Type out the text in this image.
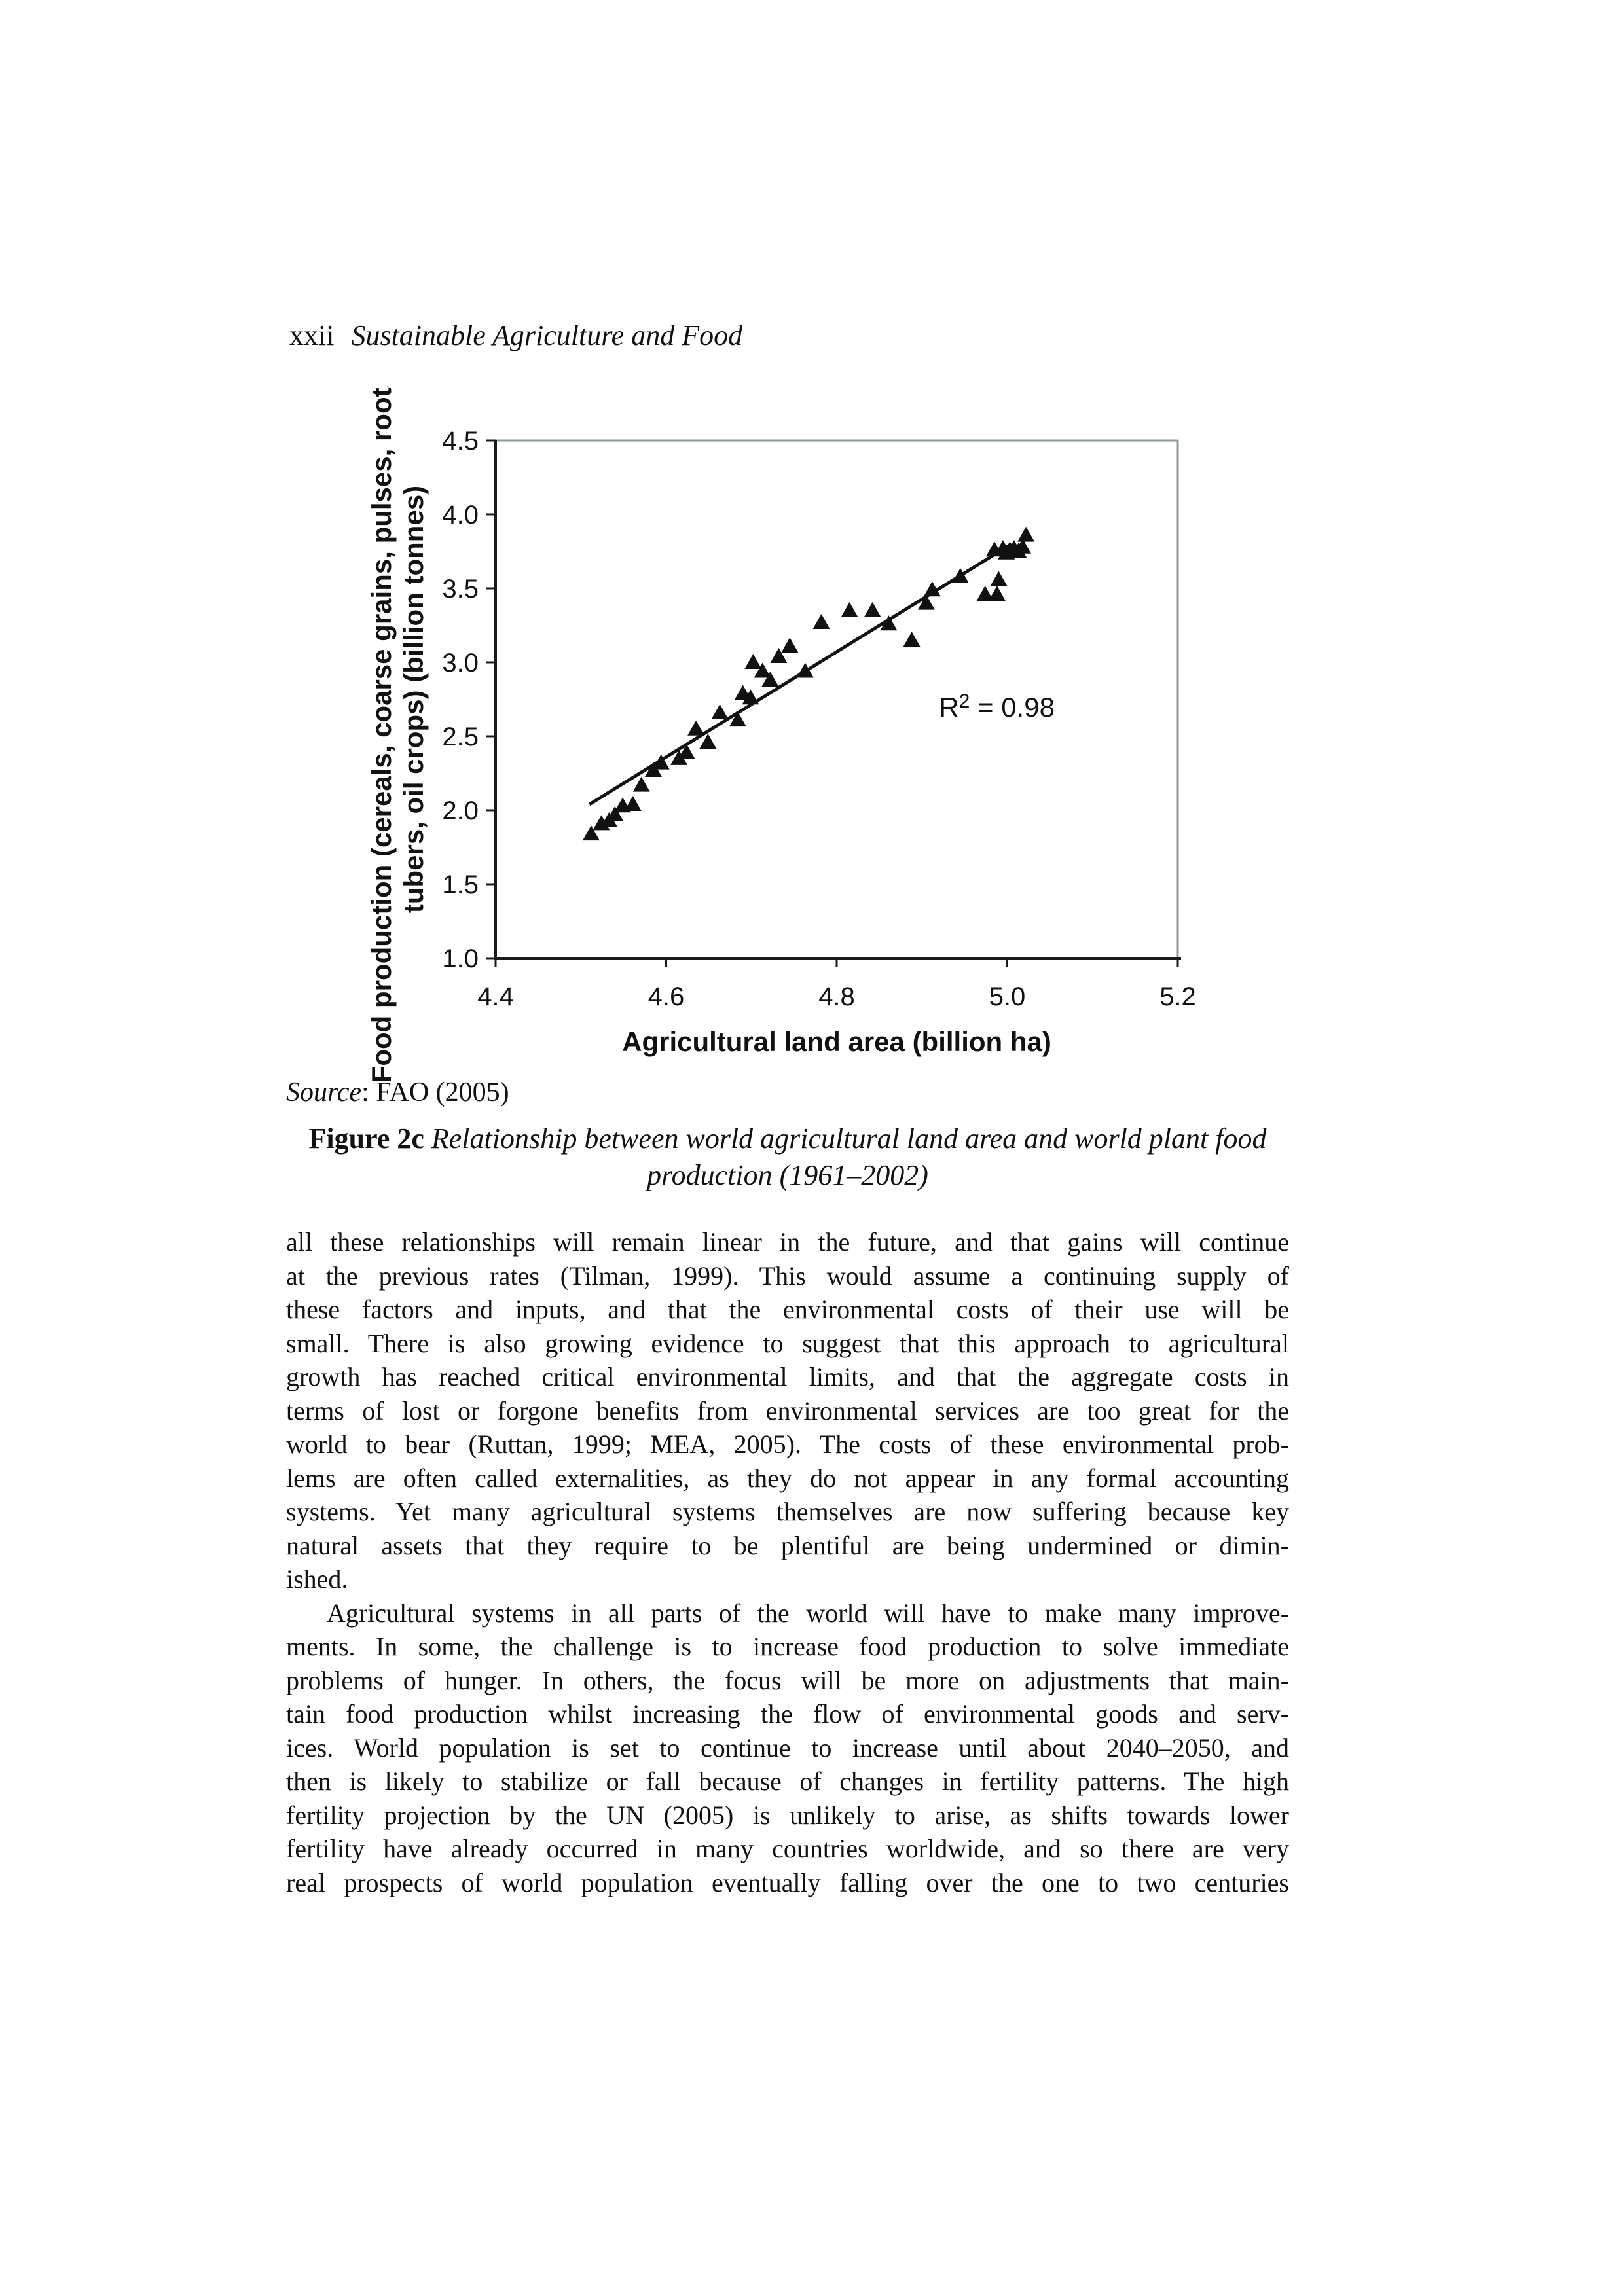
xxii Sustainable Agriculture and Food
1.0
1.5
2.0
2.5
3.0
3.5
4.0
4.5
4.4	4.6	4.8	5.0	5.2
$R^2 = 0.98$
Agricultural land area (billion ha)
Food production (cereals, coarse grains, pulses, roots and tubers, oil crops) (billion tonnes)
Source: FAO (2005)
Figure 2c Relationship between world agricultural land area and world plant food
production (1961–2002)
all these relationships will remain linear in the future, and that gains will continue
at the previous rates (Tilman, 1999). This would assume a continuing supply of
these factors and inputs, and that the environmental costs of their use will be
small. There is also growing evidence to suggest that this approach to agricultural
growth has reached critical environmental limits, and that the aggregate costs in
terms of lost or forgone benefits from environmental services are too great for the
world to bear (Ruttan, 1999; MEA, 2005). The costs of these environmental prob-
lems are often called externalities, as they do not appear in any formal accounting
systems. Yet many agricultural systems themselves are now suffering because key
natural assets that they require to be plentiful are being undermined or dimin-
ished.
Agricultural systems in all parts of the world will have to make many improve-
ments. In some, the challenge is to increase food production to solve immediate
problems of hunger. In others, the focus will be more on adjustments that main-
tain food production whilst increasing the flow of environmental goods and serv-
ices. World population is set to continue to increase until about 2040–2050, and
then is likely to stabilize or fall because of changes in fertility patterns. The high
fertility projection by the UN (2005) is unlikely to arise, as shifts towards lower
fertility have already occurred in many countries worldwide, and so there are very
real prospects of world population eventually falling over the one to two centuries
